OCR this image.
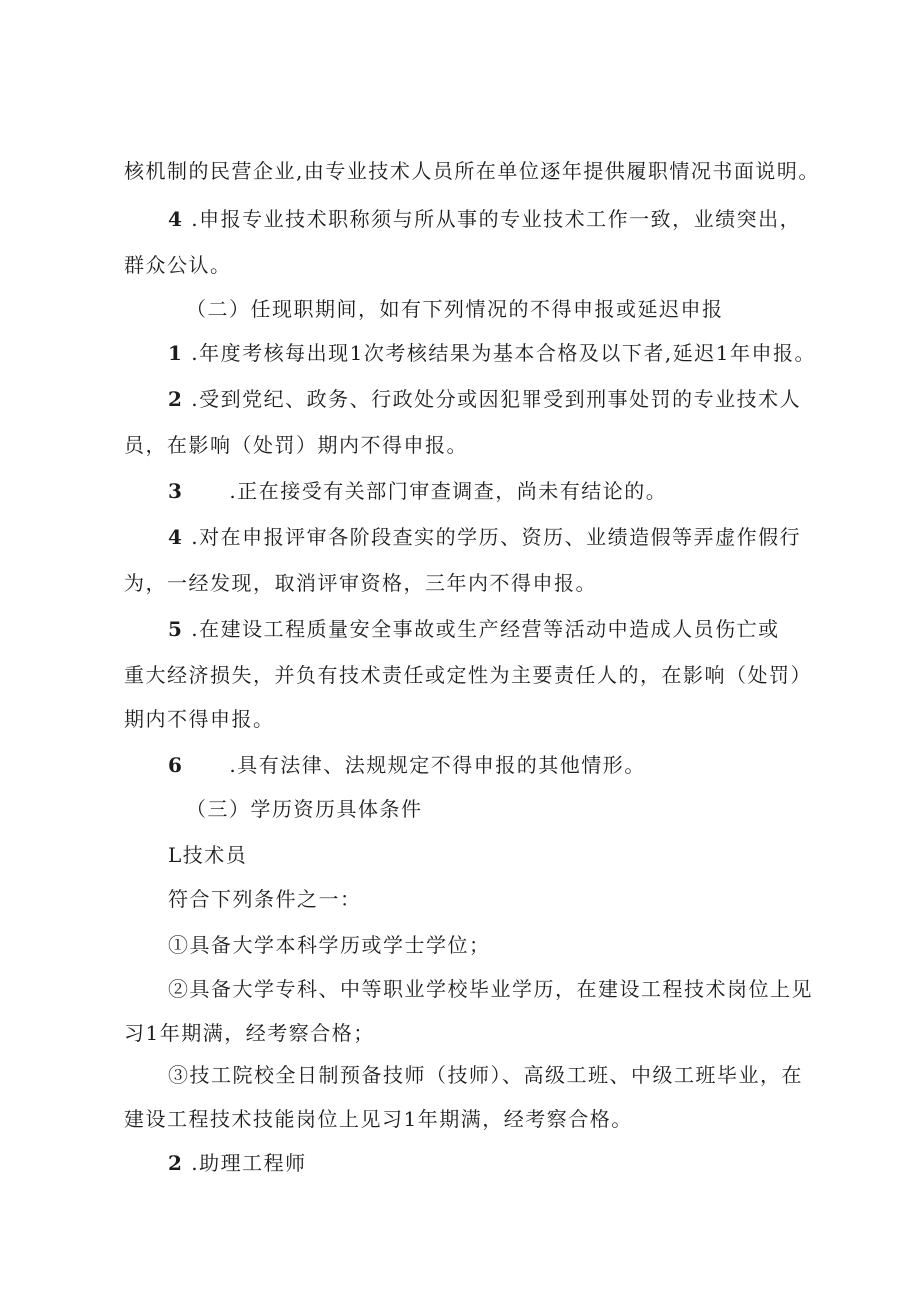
核机制的民营企业,由专业技术人员所在单位逐年提供履职情况书面说明。
4 .申报专业技术职称须与所从事的专业技术工作一致，业绩突出，
群众公认。
（二）任现职期间，如有下列情况的不得申报或延迟申报
1 .年度考核每出现1次考核结果为基本合格及以下者,延迟1年申报。
2 .受到党纪、政务、行政处分或因犯罪受到刑事处罚的专业技术人
员，在影响（处罚）期内不得申报。
3 .正在接受有关部门审查调查，尚未有结论的。
4 .对在申报评审各阶段查实的学历、资历、业绩造假等弄虚作假行
为，一经发现，取消评审资格，三年内不得申报。
5 .在建设工程质量安全事故或生产经营等活动中造成人员伤亡或
重大经济损失，并负有技术责任或定性为主要责任人的，在影响（处罚）
期内不得申报。
6 .具有法律、法规规定不得申报的其他情形。
（三）学历资历具体条件
L技术员
符合下列条件之一：
①具备大学本科学历或学士学位；
②具备大学专科、中等职业学校毕业学历，在建设工程技术岗位上见
习1年期满，经考察合格；
③技工院校全日制预备技师（技师）、高级工班、中级工班毕业，在
建设工程技术技能岗位上见习1年期满，经考察合格。
2 .助理工程师
